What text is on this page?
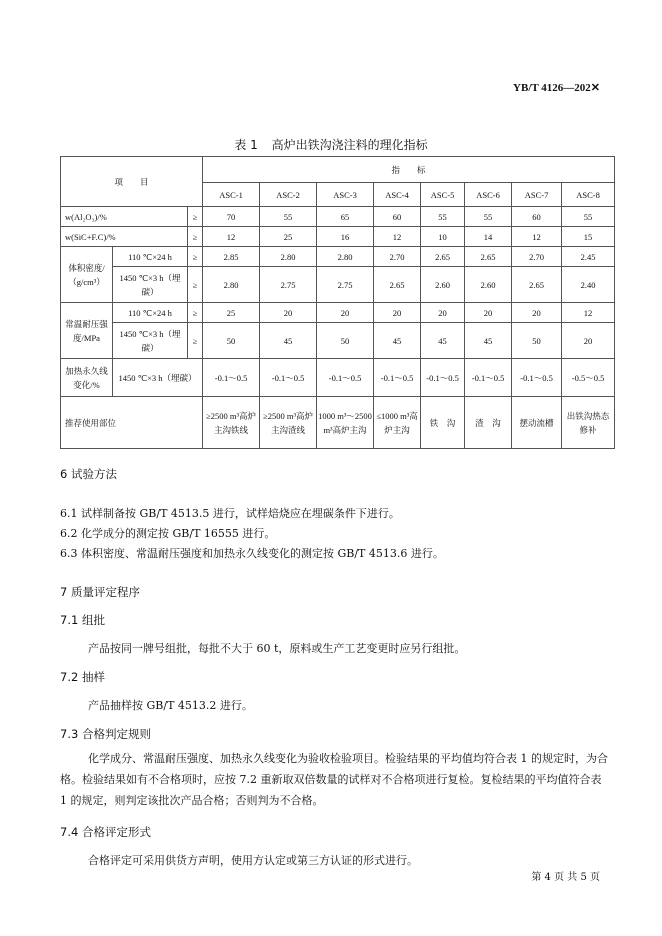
YB/T 4126—202✕
表 1 高炉出铁沟浇注料的理化指标
项　　目			指　　标							
			ASC-1	ASC-2	ASC-3	ASC-4	ASC-5	ASC-6	ASC-7	ASC-8
w(Al₂O₃)/%		≥	70	55	65	60	55	55	60	55
w(SiC+F.C)/%		≥	12	25	16	12	10	14	12	15
体积密度/（g/cm³）	110 ℃×24 h	≥	2.85	2.80	2.80	2.70	2.65	2.65	2.70	2.45
	1450 ℃×3 h（埋碳）	≥	2.80	2.75	2.75	2.65	2.60	2.60	2.65	2.40
常温耐压强度/MPa	110 ℃×24 h	≥	25	20	20	20	20	20	20	12
	1450 ℃×3 h（埋碳）	≥	50	45	50	45	45	45	50	20
加热永久线变化/%	1450 ℃×3 h（埋碳）		-0.1～0.5	-0.1～0.5	-0.1～0.5	-0.1～0.5	-0.1～0.5	-0.1～0.5	-0.1～0.5	-0.5～0.5
推荐使用部位			≥2500 m³高炉主沟铁线	≥2500 m³高炉主沟渣线	1000 m³～2500 m³高炉主沟	≤1000 m³高炉主沟	铁　沟	渣　沟	摆动流槽	出铁沟热态修补
6 试验方法
6.1 试样制备按 GB/T 4513.5 进行，试样焙烧应在埋碳条件下进行。
6.2 化学成分的测定按 GB/T 16555 进行。
6.3 体积密度、常温耐压强度和加热永久线变化的测定按 GB/T 4513.6 进行。
7 质量评定程序
7.1 组批
产品按同一牌号组批，每批不大于 60 t，原料或生产工艺变更时应另行组批。
7.2 抽样
产品抽样按 GB/T 4513.2 进行。
7.3 合格判定规则
化学成分、常温耐压强度、加热永久线变化为验收检验项目。检验结果的平均值均符合表 1 的规定时，为合格。检验结果如有不合格项时，应按 7.2 重新取双倍数量的试样对不合格项进行复检。复检结果的平均值符合表 1 的规定，则判定该批次产品合格；否则判为不合格。
7.4 合格评定形式
合格评定可采用供货方声明，使用方认定或第三方认证的形式进行。
第 4 页 共 5 页
